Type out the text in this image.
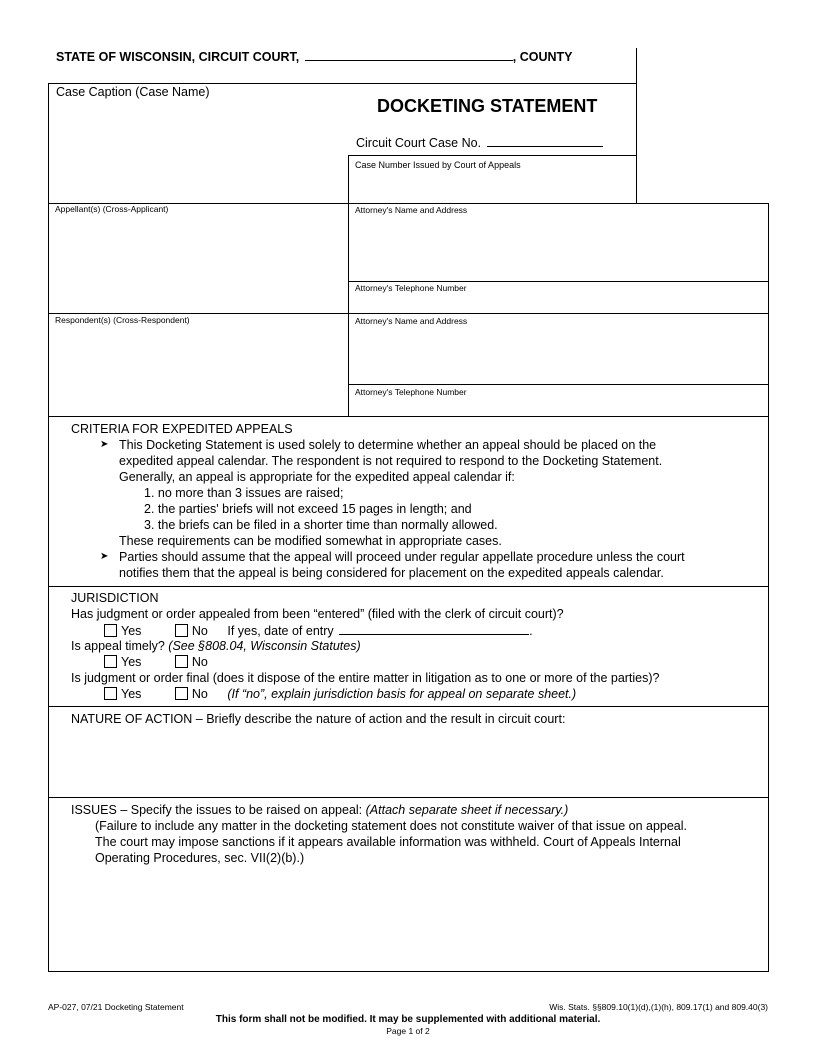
STATE OF WISCONSIN, CIRCUIT COURT,	, COUNTY
Case Caption (Case Name)
DOCKETING STATEMENT
Circuit Court Case No.
Case Number Issued by Court of Appeals
Appellant(s) (Cross-Applicant)	Attorney's Name and Address
Attorney's Telephone Number
Respondent(s) (Cross-Respondent)	Attorney's Name and Address
Attorney's Telephone Number
CRITERIA FOR EXPEDITED APPEALS
➤ This Docketing Statement is used solely to determine whether an appeal should be placed on the
expedited appeal calendar. The respondent is not required to respond to the Docketing Statement.
Generally, an appeal is appropriate for the expedited appeal calendar if:
1. no more than 3 issues are raised;
2. the parties' briefs will not exceed 15 pages in length; and
3. the briefs can be filed in a shorter time than normally allowed.
These requirements can be modified somewhat in appropriate cases.
➤ Parties should assume that the appeal will proceed under regular appellate procedure unless the court
notifies them that the appeal is being considered for placement on the expedited appeals calendar.
JURISDICTION
Has judgment or order appealed from been “entered” (filed with the clerk of circuit court)?
Yes	No If yes, date of entry	.
Is appeal timely? (See §808.04, Wisconsin Statutes)
Yes	No
Is judgment or order final (does it dispose of the entire matter in litigation as to one or more of the parties)?
Yes	No (If “no”, explain jurisdiction basis for appeal on separate sheet.)
NATURE OF ACTION – Briefly describe the nature of action and the result in circuit court:
ISSUES – Specify the issues to be raised on appeal: (Attach separate sheet if necessary.)
(Failure to include any matter in the docketing statement does not constitute waiver of that issue on appeal.
The court may impose sanctions if it appears available information was withheld. Court of Appeals Internal
Operating Procedures, sec. VII(2)(b).)
AP-027, 07/21 Docketing Statement	Wis. Stats. §§809.10(1)(d),(1)(h), 809.17(1) and 809.40(3)
This form shall not be modified. It may be supplemented with additional material.
Page 1 of 2
